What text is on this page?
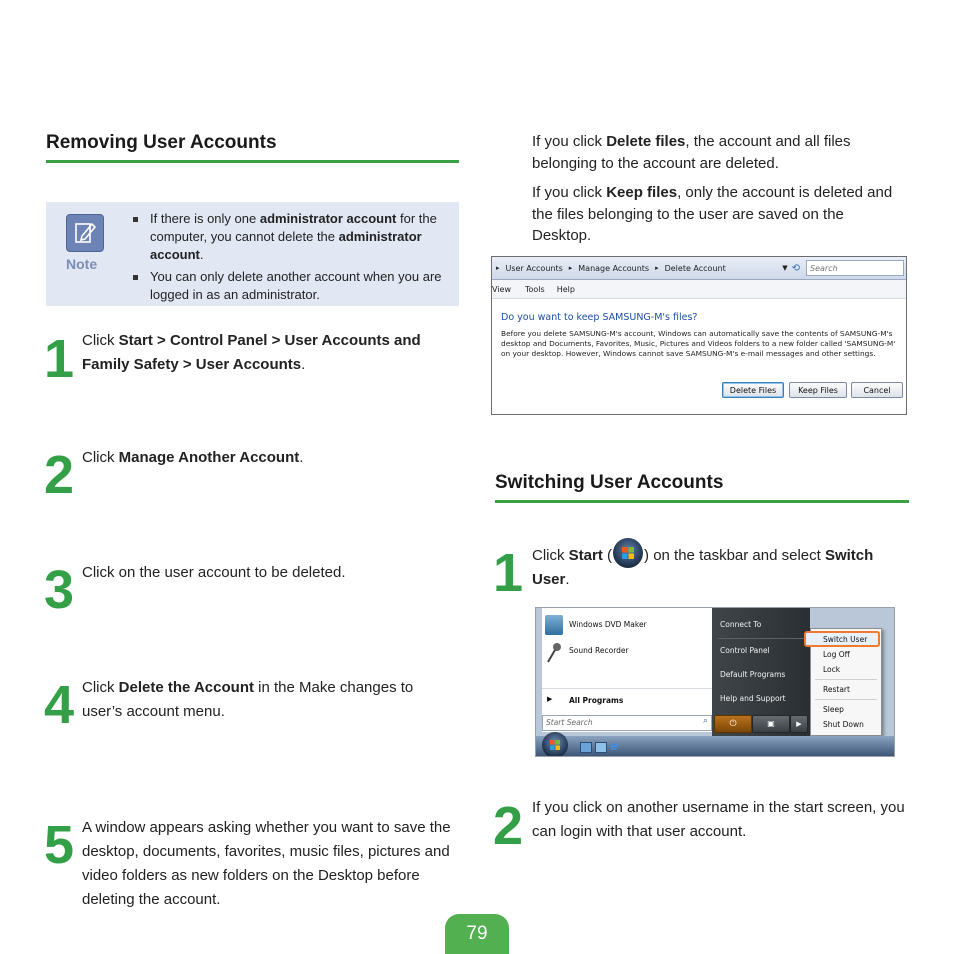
Removing User Accounts
Note
If there is only one administrator account for the computer, you cannot delete the administrator account.
You can only delete another account when you are logged in as an administrator.
1 Click Start > Control Panel > User Accounts and Family Safety > User Accounts.
2 Click Manage Another Account.
3 Click on the user account to be deleted.
4 Click Delete the Account in the Make changes to user’s account menu.
5 A window appears asking whether you want to save the desktop, documents, favorites, music files, pictures and video folders as new folders on the Desktop before deleting the account.
If you click Delete files, the account and all files belonging to the account are deleted.
If you click Keep files, only the account is deleted and the files belonging to the user are saved on the Desktop.
▸ User Accounts ▸ Manage Accounts ▸ Delete Account	▼ ⟲ Search
View Tools Help
Do you want to keep SAMSUNG-M's files?
Before you delete SAMSUNG-M's account, Windows can automatically save the contents of SAMSUNG-M's desktop and Documents, Favorites, Music, Pictures and Videos folders to a new folder called 'SAMSUNG-M' on your desktop. However, Windows cannot save SAMSUNG-M's e-mail messages and other settings.
Delete Files	Keep Files	Cancel
Switching User Accounts
1 Click Start ( ) on the taskbar and select Switch User.
Windows DVD Maker
Sound Recorder
▶ All Programs
Start Search	⌕
Connect To
Control Panel
Default Programs
Help and Support
⏻	▣	▶
Switch User
Log Off
Lock
Restart
Sleep
Shut Down
e
2 If you click on another username in the start screen, you can login with that user account.
79
